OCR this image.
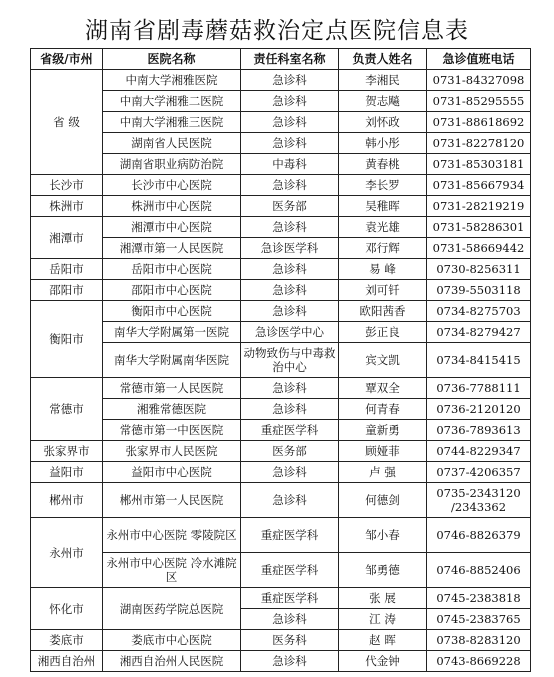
湖南省剧毒蘑菇救治定点医院信息表
省级/市州	医院名称	责任科室名称	负责人姓名	急诊值班电话
省 级	中南大学湘雅医院	急诊科	李湘民	0731-84327098
	中南大学湘雅二医院	急诊科	贺志飚	0731-85295555
	中南大学湘雅三医院	急诊科	刘怀政	0731-88618692
	湖南省人民医院	急诊科	韩小彤	0731-82278120
	湖南省职业病防治院	中毒科	黄春桃	0731-85303181
长沙市	长沙市中心医院	急诊科	李长罗	0731-85667934
株洲市	株洲市中心医院	医务部	吴稚晖	0731-28219219
湘潭市	湘潭市中心医院	急诊科	袁光雄	0731-58286301
	湘潭市第一人民医院	急诊医学科	邓行辉	0731-58669442
岳阳市	岳阳市中心医院	急诊科	易 峰	0730-8256311
邵阳市	邵阳市中心医院	急诊科	刘可钎	0739-5503118
衡阳市	衡阳市中心医院	急诊科	欧阳茜香	0734-8275703
	南华大学附属第一医院	急诊医学中心	彭正良	0734-8279427
	南华大学附属南华医院	动物致伤与中毒救治中心	宾文凯	0734-8415415
常德市	常德市第一人民医院	急诊科	覃双全	0736-7788111
	湘雅常德医院	急诊科	何青春	0736-2120120
	常德市第一中医医院	重症医学科	童新勇	0736-7893613
张家界市	张家界市人民医院	医务部	顾娅菲	0744-8229347
益阳市	益阳市中心医院	急诊科	卢 强	0737-4206357
郴州市	郴州市第一人民医院	急诊科	何德剑	0735-2343120 /2343362
永州市	永州市中心医院 零陵院区	重症医学科	邹小春	0746-8826379
	永州市中心医院 冷水滩院区	重症医学科	邹勇德	0746-8852406
怀化市	湖南医药学院总医院	重症医学科	张 展	0745-2383818
		急诊科	江 涛	0745-2383765
娄底市	娄底市中心医院	医务科	赵 晖	0738-8283120
湘西自治州	湘西自治州人民医院	急诊科	代金钟	0743-8669228
